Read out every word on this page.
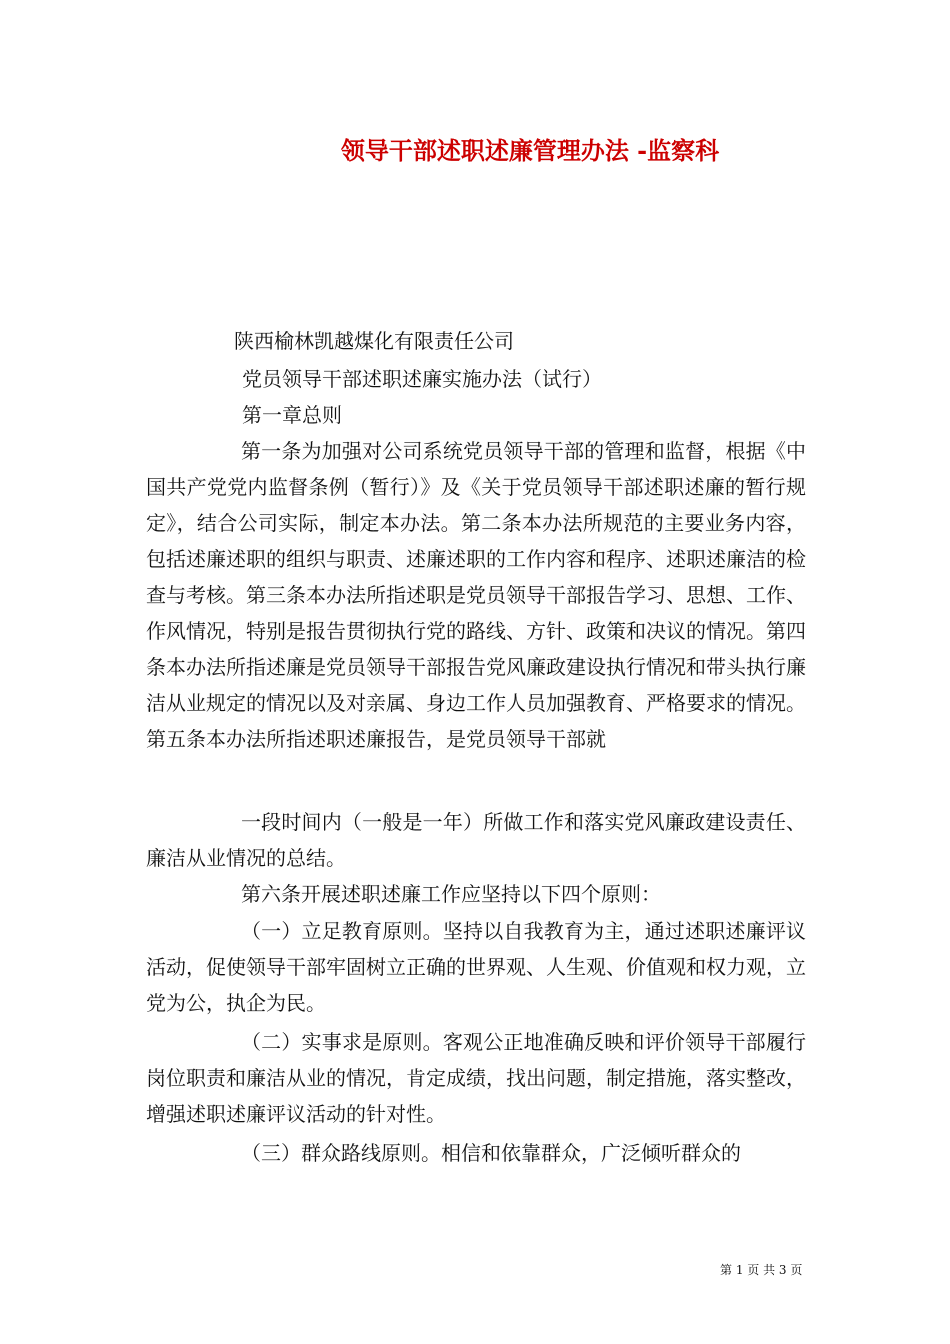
领导干部述职述廉管理办法 -监察科
陕西榆林凯越煤化有限责任公司
党员领导干部述职述廉实施办法（试行）
第一章总则
第一条为加强对公司系统党员领导干部的管理和监督，根据《中国共产党党内监督条例（暂行）》及《关于党员领导干部述职述廉的暂行规定》，结合公司实际，制定本办法。第二条本办法所规范的主要业务内容，包括述廉述职的组织与职责、述廉述职的工作内容和程序、述职述廉洁的检查与考核。第三条本办法所指述职是党员领导干部报告学习、思想、工作、作风情况，特别是报告贯彻执行党的路线、方针、政策和决议的情况。第四条本办法所指述廉是党员领导干部报告党风廉政建设执行情况和带头执行廉洁从业规定的情况以及对亲属、身边工作人员加强教育、严格要求的情况。第五条本办法所指述职述廉报告，是党员领导干部就
一段时间内（一般是一年）所做工作和落实党风廉政建设责任、廉洁从业情况的总结。
第六条开展述职述廉工作应坚持以下四个原则：
（一）立足教育原则。坚持以自我教育为主，通过述职述廉评议活动，促使领导干部牢固树立正确的世界观、人生观、价值观和权力观，立党为公，执企为民。
（二）实事求是原则。客观公正地准确反映和评价领导干部履行岗位职责和廉洁从业的情况，肯定成绩，找出问题，制定措施，落实整改，增强述职述廉评议活动的针对性。
（三）群众路线原则。相信和依靠群众，广泛倾听群众的
第 1 页 共 3 页
